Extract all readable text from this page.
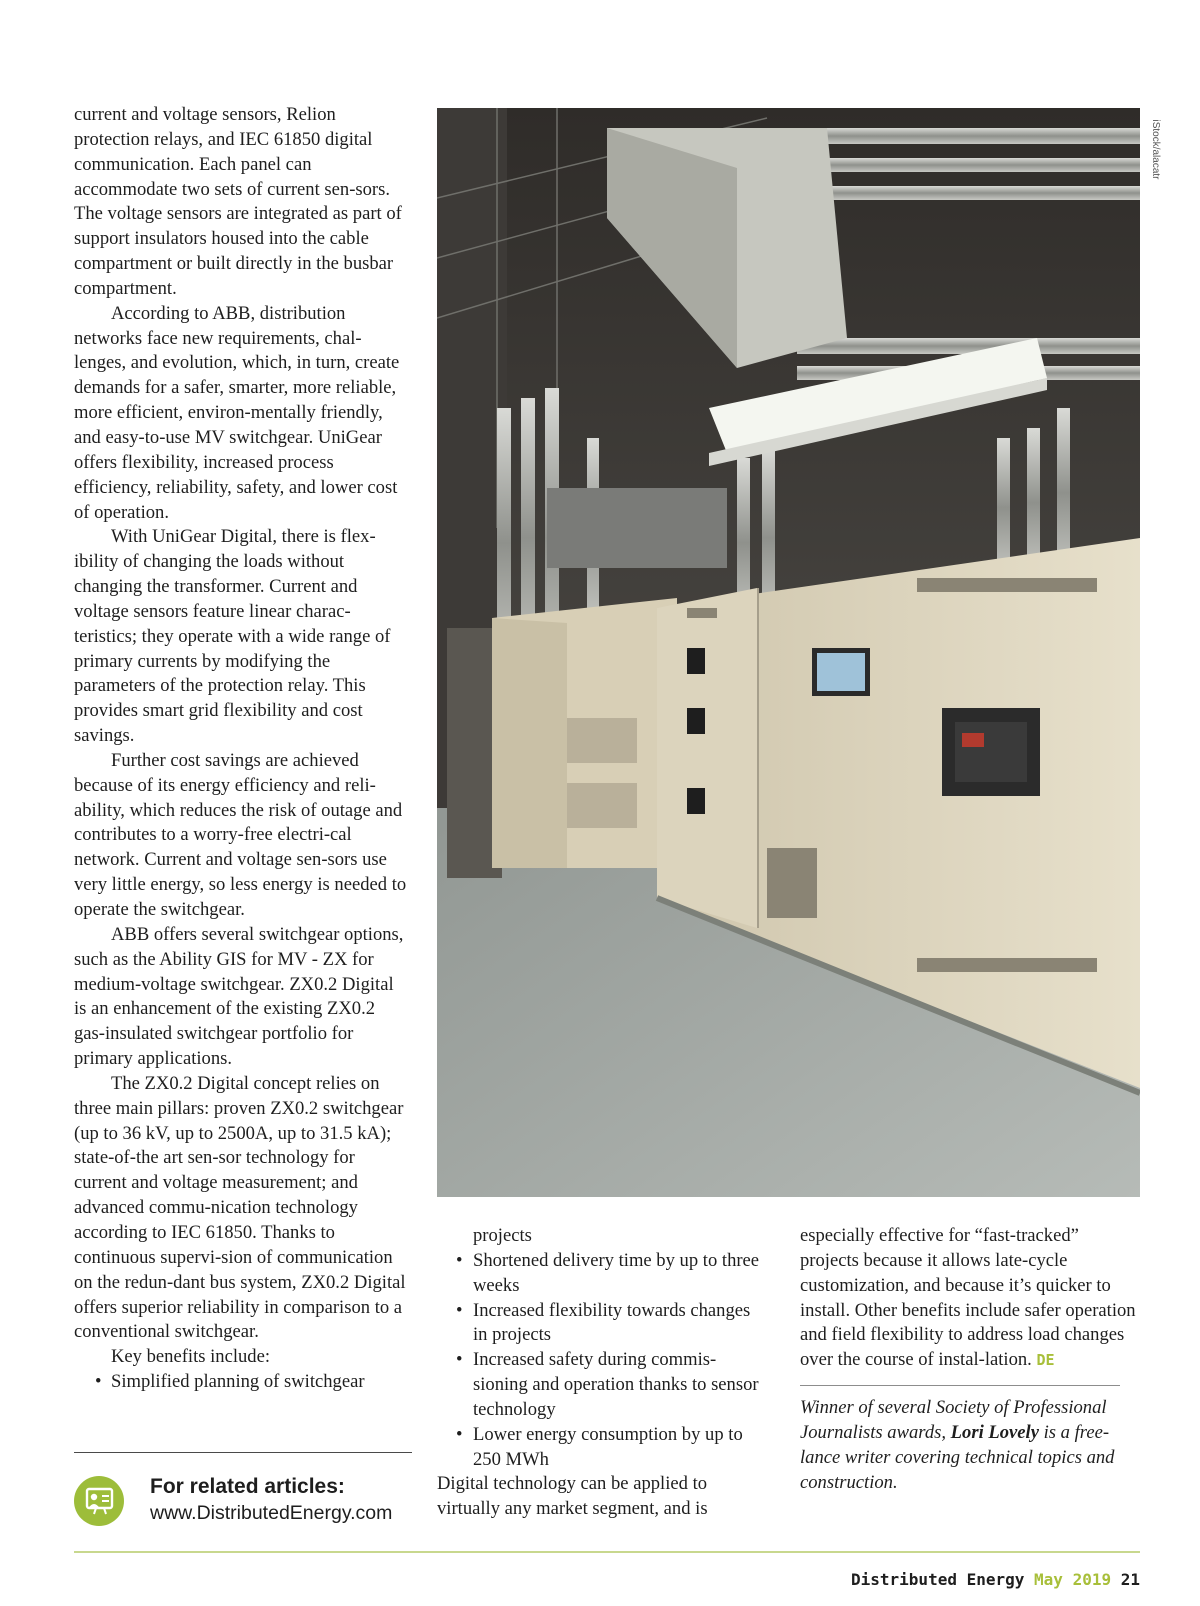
current and voltage sensors, Relion protection relays, and IEC 61850 digital communication. Each panel can accommodate two sets of current sen-sors. The voltage sensors are integrated as part of support insulators housed into the cable compartment or built directly in the busbar compartment.

According to ABB, distribution networks face new requirements, chal-lenges, and evolution, which, in turn, create demands for a safer, smarter, more reliable, more efficient, environ-mentally friendly, and easy-to-use MV switchgear. UniGear offers flexibility, increased process efficiency, reliability, safety, and lower cost of operation.

With UniGear Digital, there is flex-ibility of changing the loads without changing the transformer. Current and voltage sensors feature linear charac-teristics; they operate with a wide range of primary currents by modifying the parameters of the protection relay. This provides smart grid flexibility and cost savings.

Further cost savings are achieved because of its energy efficiency and reli-ability, which reduces the risk of outage and contributes to a worry-free electri-cal network. Current and voltage sen-sors use very little energy, so less energy is needed to operate the switchgear.

ABB offers several switchgear options, such as the Ability GIS for MV - ZX for medium-voltage switchgear. ZX0.2 Digital is an enhancement of the existing ZX0.2 gas-insulated switchgear portfolio for primary applications.

The ZX0.2 Digital concept relies on three main pillars: proven ZX0.2 switchgear (up to 36 kV, up to 2500A, up to 31.5 kA); state-of-the art sen-sor technology for current and voltage measurement; and advanced commu-nication technology according to IEC 61850. Thanks to continuous supervi-sion of communication on the redun-dant bus system, ZX0.2 Digital offers superior reliability in comparison to a conventional switchgear.

Key benefits include:

• Simplified planning of switchgear
For related articles:
www.DistributedEnergy.com
iStock/alacatr

projects

• Shortened delivery time by up to three weeks
• Increased flexibility towards changes in projects
• Increased safety during commis-sioning and operation thanks to sensor technology
• Lower energy consumption by up to 250 MWh

Digital technology can be applied to virtually any market segment, and is

especially effective for “fast-tracked” projects because it allows late-cycle customization, and because it’s quicker to install. Other benefits include safer operation and field flexibility to address load changes over the course of instal-lation. DE

Winner of several Society of Professional Journalists awards, Lori Lovely is a free-lance writer covering technical topics and construction.

Distributed Energy May 2019 21
